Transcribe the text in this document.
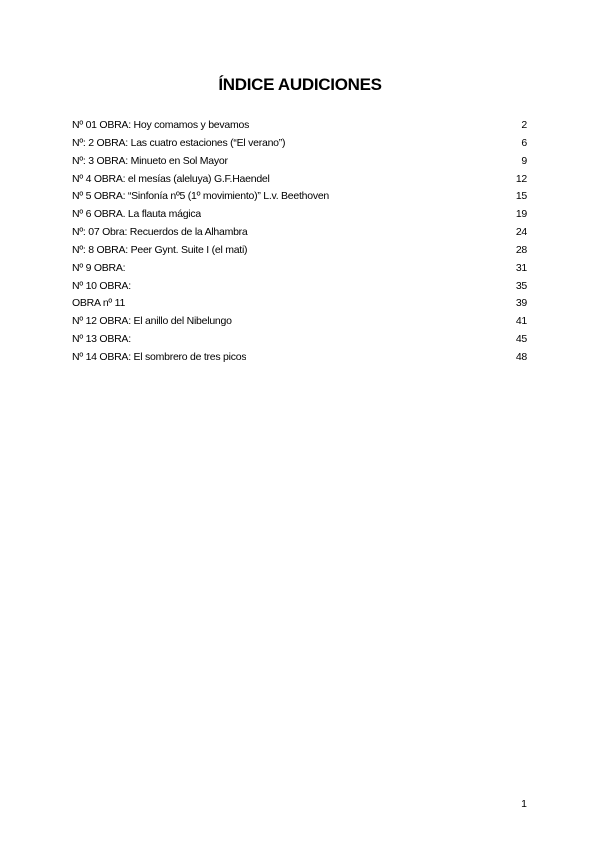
ÍNDICE AUDICIONES
Nº 01 OBRA: Hoy comamos y bevamos	2
Nº: 2 OBRA: Las cuatro estaciones (“El verano”)	6
Nº: 3 OBRA: Minueto en Sol Mayor	9
Nº 4 OBRA: el mesías (aleluya) G.F.Haendel	12
Nº 5 OBRA: “Sinfonía nº5 (1º movimiento)” L.v. Beethoven	15
Nº 6 OBRA. La flauta mágica	19
Nº: 07 Obra: Recuerdos de la Alhambra	24
Nº: 8 OBRA: Peer Gynt. Suite I (el mati)	28
Nº 9 OBRA:	31
Nº 10 OBRA:	35
OBRA nº 11	39
Nº 12 OBRA: El anillo del Nibelungo	41
Nº 13 OBRA:	45
Nº 14 OBRA: El sombrero de tres picos	48
1
